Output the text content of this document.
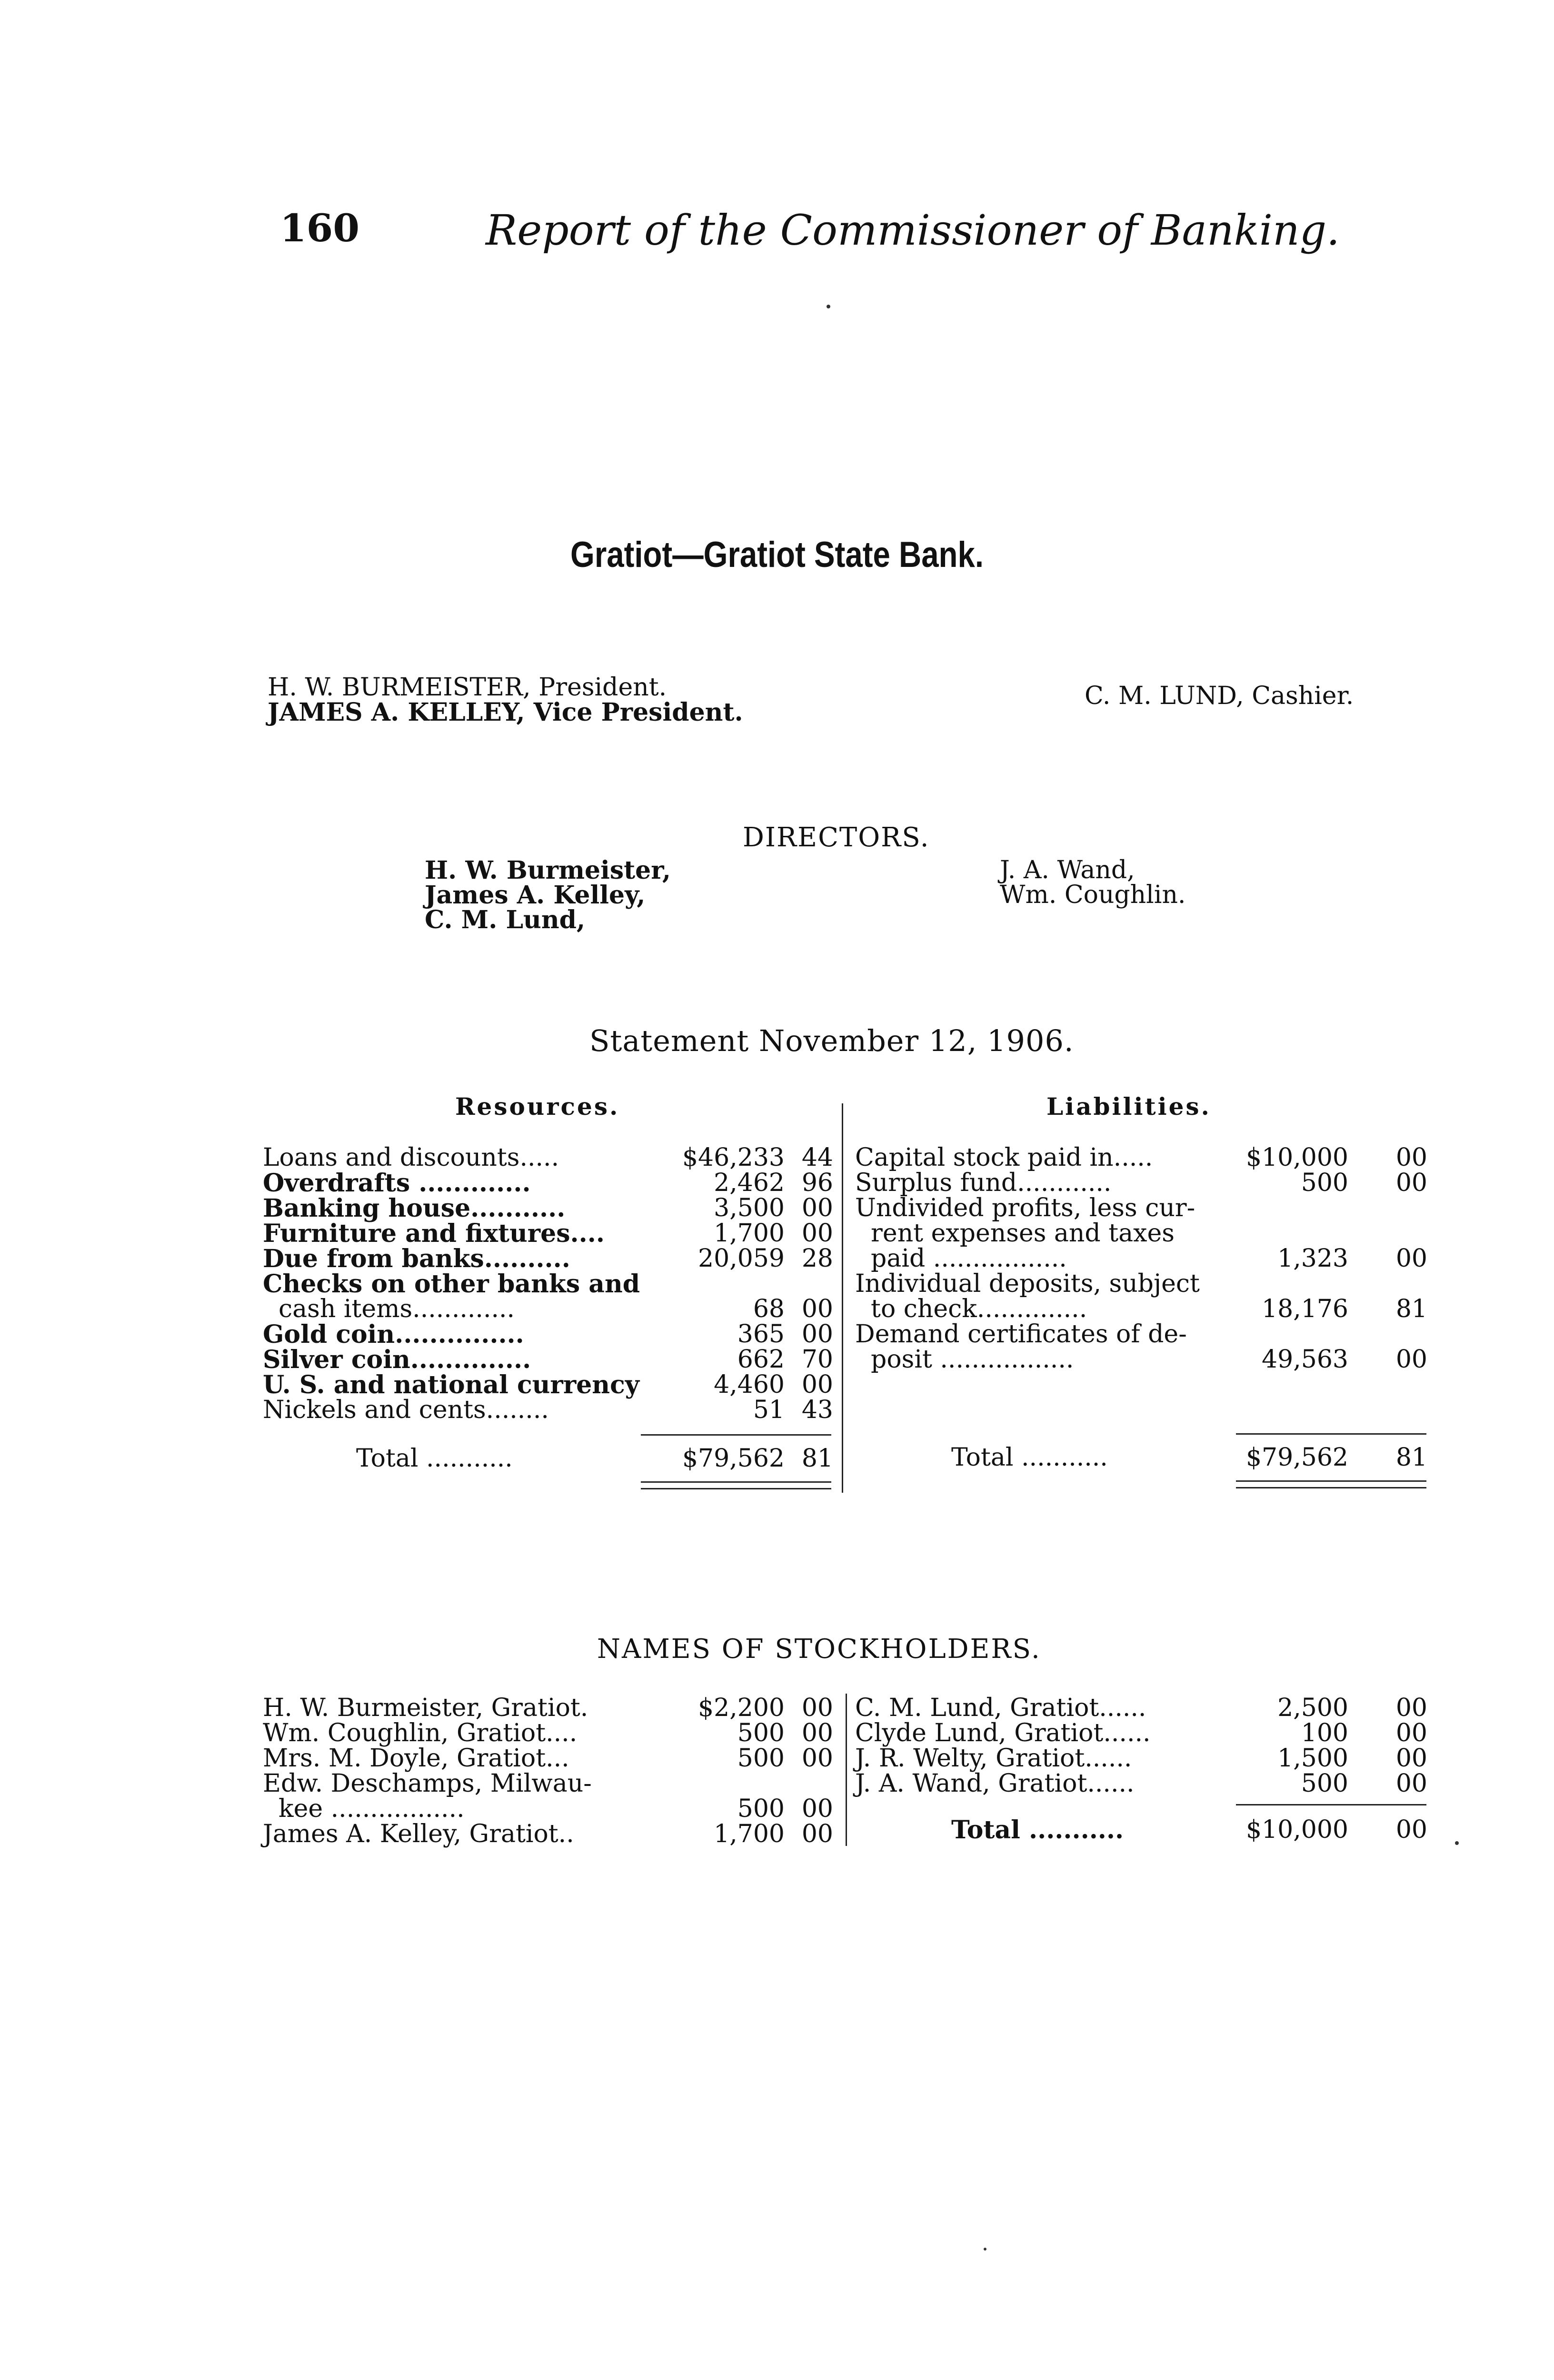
160	Report of the Commissioner of Banking.
Gratiot—Gratiot State Bank.
H. W. BURMEISTER, President.
JAMES A. KELLEY, Vice President.
C. M. LUND, Cashier.
DIRECTORS.
H. W. Burmeister,
James A. Kelley,
C. M. Lund,
J. A. Wand,
Wm. Coughlin.
Statement November 12, 1906.
Resources.	Liabilities.
Loans and discounts.....	$46,233 44
Overdrafts .............	2,462 96
Banking house...........	3,500 00
Furniture and fixtures....	1,700 00
Due from banks..........	20,059 28
Checks on other banks and
cash items.............	68 00
Gold coin...............	365 00
Silver coin..............	662 70
U. S. and national currency	4,460 00
Nickels and cents........	51 43
Total ...........	$79,562 81
Capital stock paid in.....	$10,000 00
Surplus fund............	500 00
Undivided profits, less cur-
rent expenses and taxes
paid .................	1,323 00
Individual deposits, subject
to check..............	18,176 81
Demand certificates of de-
posit .................	49,563 00
Total ...........	$79,562 81
NAMES OF STOCKHOLDERS.
H. W. Burmeister, Gratiot.	$2,200 00
Wm. Coughlin, Gratiot....	500 00
Mrs. M. Doyle, Gratiot...	500 00
Edw. Deschamps, Milwau-
kee .................	500 00
James A. Kelley, Gratiot..	1,700 00
C. M. Lund, Gratiot......	2,500 00
Clyde Lund, Gratiot......	100 00
J. R. Welty, Gratiot......	1,500 00
J. A. Wand, Gratiot......	500 00
Total ...........	$10,000 00
